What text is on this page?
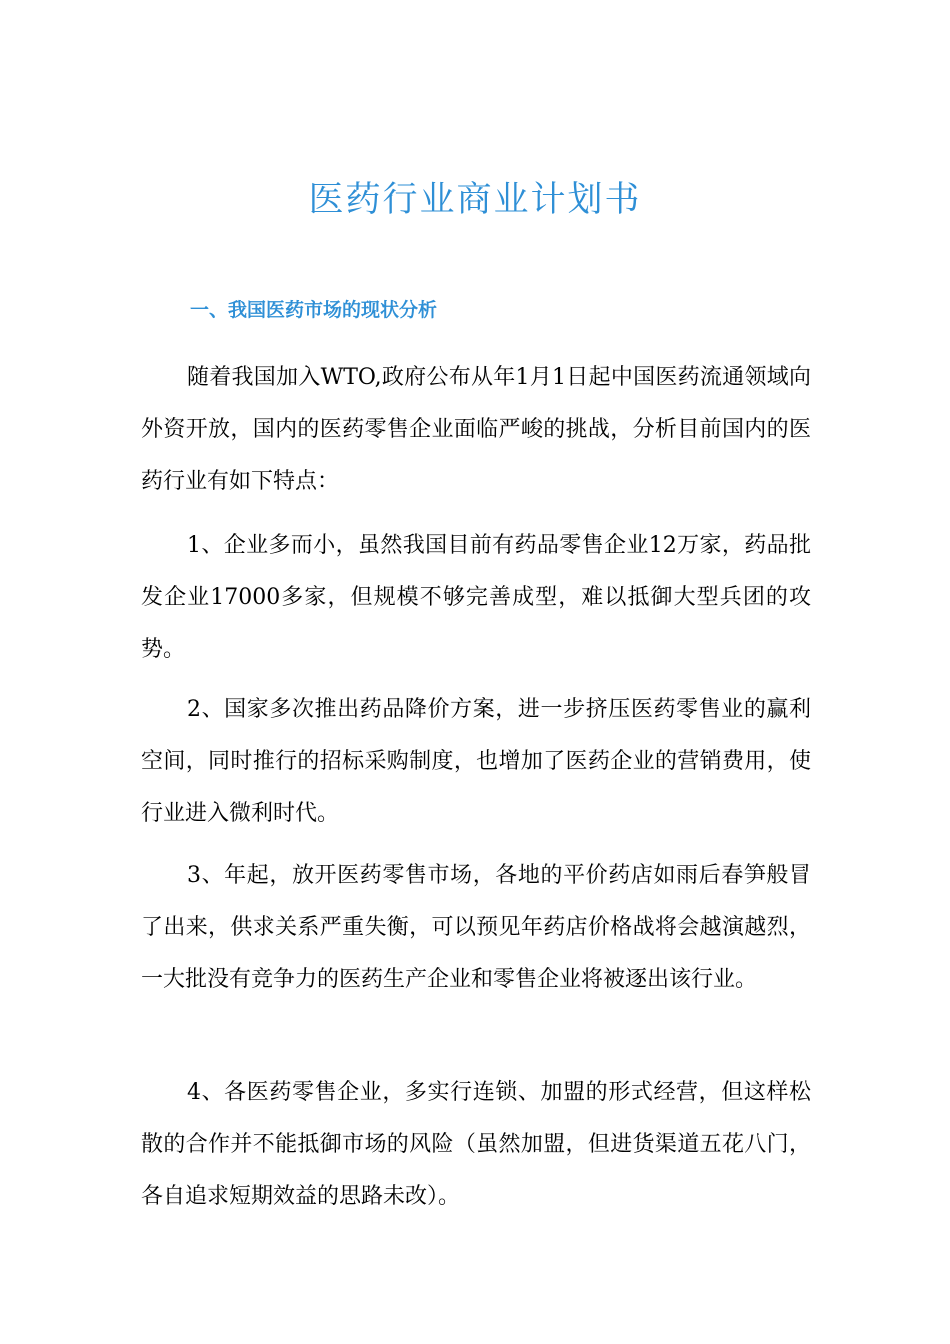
医药行业商业计划书
一、我国医药市场的现状分析

随着我国加入WTO,政府公布从年1月1日起中国医药流通领域向外资开放，国内的医药零售企业面临严峻的挑战，分析目前国内的医药行业有如下特点：

1、企业多而小，虽然我国目前有药品零售企业12万家，药品批发企业17000多家，但规模不够完善成型，难以抵御大型兵团的攻势。

2、国家多次推出药品降价方案，进一步挤压医药零售业的赢利空间，同时推行的招标采购制度，也增加了医药企业的营销费用，使行业进入微利时代。

3、年起，放开医药零售市场，各地的平价药店如雨后春笋般冒了出来，供求关系严重失衡，可以预见年药店价格战将会越演越烈，一大批没有竞争力的医药生产企业和零售企业将被逐出该行业。

4、各医药零售企业，多实行连锁、加盟的形式经营，但这样松散的合作并不能抵御市场的风险（虽然加盟，但进货渠道五花八门，各自追求短期效益的思路未改）。
